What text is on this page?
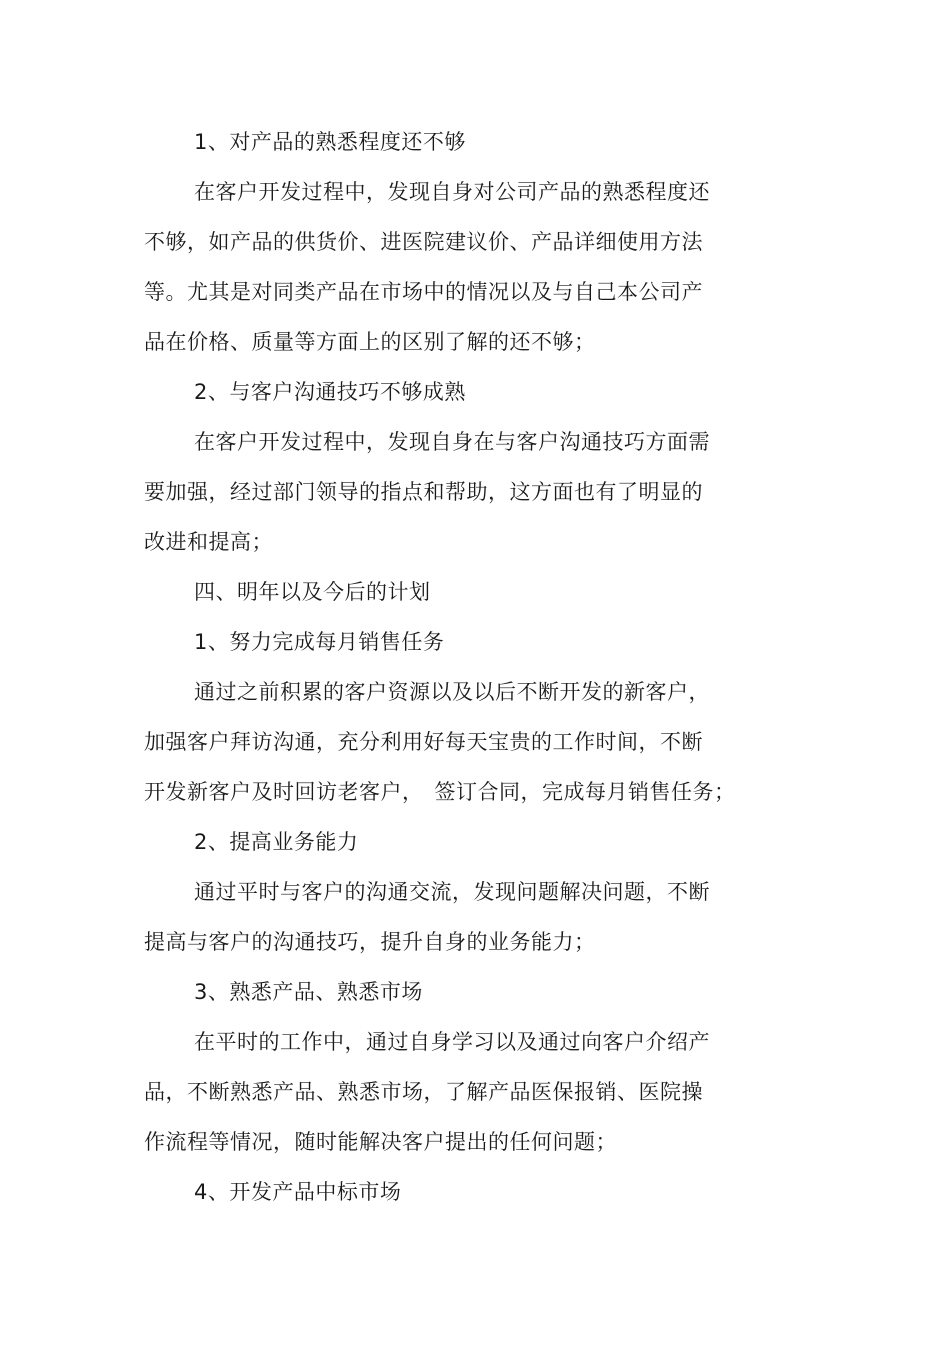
1、对产品的熟悉程度还不够
在客户开发过程中，发现自身对公司产品的熟悉程度还
不够，如产品的供货价、进医院建议价、产品详细使用方法
等。尤其是对同类产品在市场中的情况以及与自己本公司产
品在价格、质量等方面上的区别了解的还不够；
2、与客户沟通技巧不够成熟
在客户开发过程中，发现自身在与客户沟通技巧方面需
要加强，经过部门领导的指点和帮助，这方面也有了明显的
改进和提高；
四、明年以及今后的计划
1、努力完成每月销售任务
通过之前积累的客户资源以及以后不断开发的新客户，
加强客户拜访沟通，充分利用好每天宝贵的工作时间，不断
开发新客户及时回访老客户，　签订合同，完成每月销售任务；
2、提高业务能力
通过平时与客户的沟通交流，发现问题解决问题，不断
提高与客户的沟通技巧，提升自身的业务能力；
3、熟悉产品、熟悉市场
在平时的工作中，通过自身学习以及通过向客户介绍产
品，不断熟悉产品、熟悉市场，了解产品医保报销、医院操
作流程等情况，随时能解决客户提出的任何问题；
4、开发产品中标市场
